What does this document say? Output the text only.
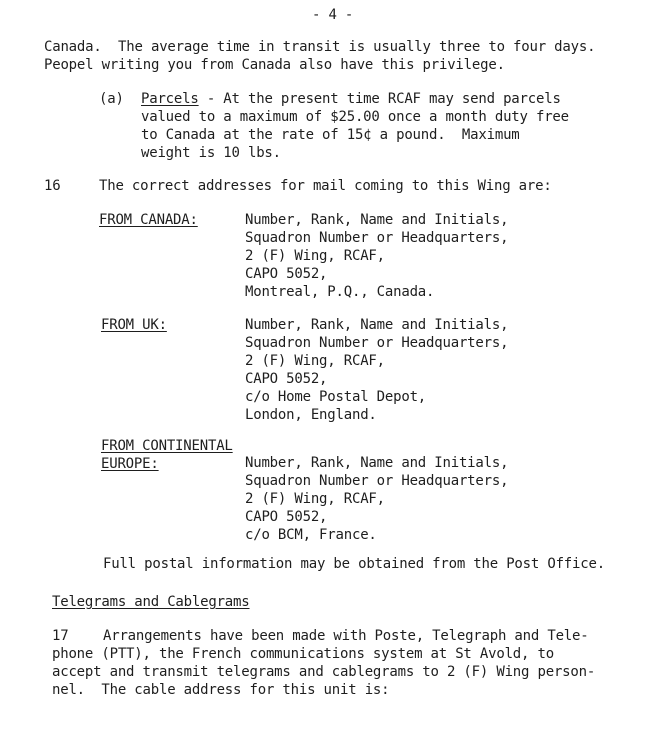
- 4 -
Canada.  The average time in transit is usually three to four days.
Peopel writing you from Canada also have this privilege.
(a) Parcels - At the present time RCAF may send parcels
valued to a maximum of $25.00 once a month duty free
to Canada at the rate of 15¢ a pound.  Maximum
weight is 10 lbs.
16	The correct addresses for mail coming to this Wing are:
FROM CANADA:	Number, Rank, Name and Initials,
Squadron Number or Headquarters,
2 (F) Wing, RCAF,
CAPO 5052,
Montreal, P.Q., Canada.
FROM UK:	Number, Rank, Name and Initials,
Squadron Number or Headquarters,
2 (F) Wing, RCAF,
CAPO 5052,
c/o Home Postal Depot,
London, England.
FROM CONTINENTAL
EUROPE:	Number, Rank, Name and Initials,
Squadron Number or Headquarters,
2 (F) Wing, RCAF,
CAPO 5052,
c/o BCM, France.
Full postal information may be obtained from the Post Office.
Telegrams and Cablegrams
17 Arrangements have been made with Poste, Telegraph and Tele-
phone (PTT), the French communications system at St Avold, to
accept and transmit telegrams and cablegrams to 2 (F) Wing person-
nel.  The cable address for this unit is:
